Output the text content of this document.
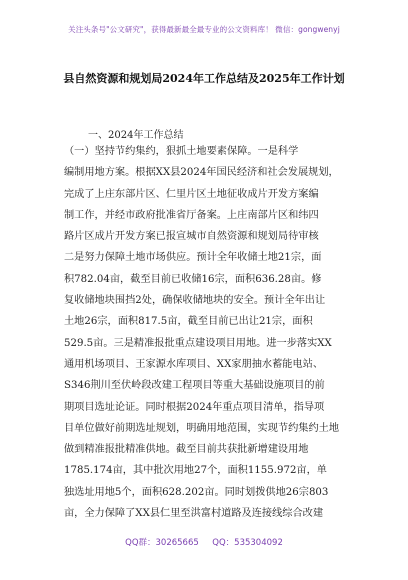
关注头条号"公文研究"，获得最新最全最专业的公文资料库！ 微信：gongwenyj
县自然资源和规划局2024年工作总结及2025年工作计划
一、2024年工作总结
（一）坚持节约集约，狠抓土地要素保障。一是科学
编制用地方案。根据XX县2024年国民经济和社会发展规划，
完成了上庄东部片区、仁里片区土地征收成片开发方案编
制工作，并经市政府批准省厅备案。上庄南部片区和纬四
路片区成片开发方案已报宣城市自然资源和规划局待审核
二是努力保障土地市场供应。预计全年收储土地21宗，面
积782.04亩，截至目前已收储16宗，面积636.28亩。修
复收储地块围挡2处，确保收储地块的安全。预计全年出让
土地26宗，面积817.5亩，截至目前已出让21宗，面积
529.5亩。三是精准报批重点建设项目用地。进一步落实XX
通用机场项目、王家源水库项目、XX家朋抽水蓄能电站、
S346荆川至伏岭段改建工程项目等重大基础设施项目的前
期项目选址论证。同时根据2024年重点项目清单，指导项
目单位做好前期选址规划，明确用地范围，实现节约集约土地
做到精准报批精准供地。截至目前共获批新增建设用地
1785.174亩，其中批次用地27个，面积1155.972亩，单
独选址用地5个，面积628.202亩。同时划拨供地26宗803
亩，全力保障了XX县仁里至洪富村道路及连接线综合改建
QQ群：30265665 QQ：535304092
